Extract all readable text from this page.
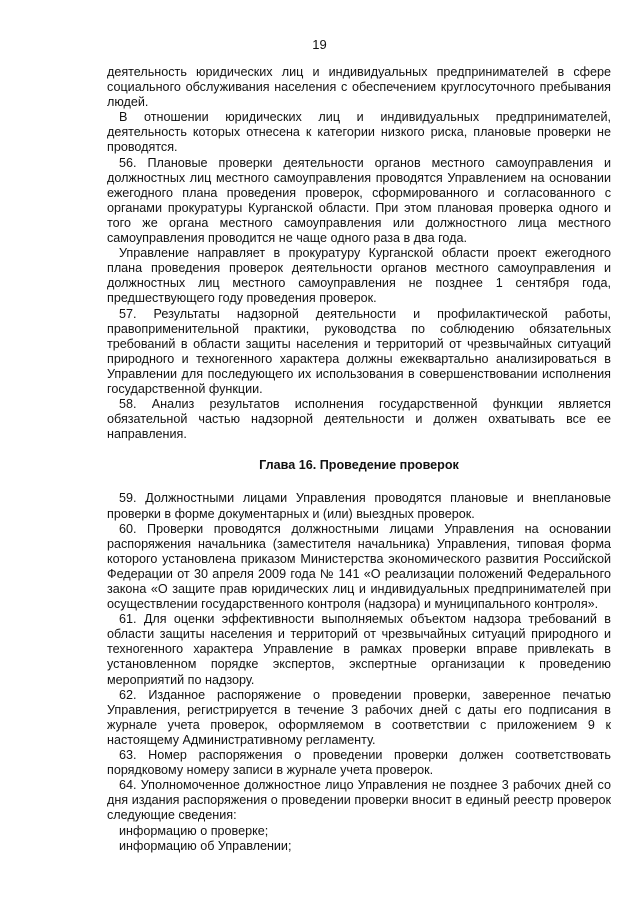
19

деятельность юридических лиц и индивидуальных предпринимателей в сфере социального обслуживания населения с обеспечением круглосуточного пребывания людей.

В отношении юридических лиц и индивидуальных предпринимателей, деятельность которых отнесена к категории низкого риска, плановые проверки не проводятся.

56. Плановые проверки деятельности органов местного самоуправления и должностных лиц местного самоуправления проводятся Управлением на основании ежегодного плана проведения проверок, сформированного и согласованного с органами прокуратуры Курганской области. При этом плановая проверка одного и того же органа местного самоуправления или должностного лица местного самоуправления проводится не чаще одного раза в два года.

Управление направляет в прокуратуру Курганской области проект ежегодного плана проведения проверок деятельности органов местного самоуправления и должностных лиц местного самоуправления не позднее 1 сентября года, предшествующего году проведения проверок.

57. Результаты надзорной деятельности и профилактической работы, правоприменительной практики, руководства по соблюдению обязательных требований в области защиты населения и территорий от чрезвычайных ситуаций природного и техногенного характера должны ежеквартально анализироваться в Управлении для последующего их использования в совершенствовании исполнения государственной функции.

58. Анализ результатов исполнения государственной функции является обязательной частью надзорной деятельности и должен охватывать все ее направления.

Глава 16. Проведение проверок

59. Должностными лицами Управления проводятся плановые и внеплановые проверки в форме документарных и (или) выездных проверок.

60. Проверки проводятся должностными лицами Управления на основании распоряжения начальника (заместителя начальника) Управления, типовая форма которого установлена приказом Министерства экономического развития Российской Федерации от 30 апреля 2009 года № 141 «О реализации положений Федерального закона «О защите прав юридических лиц и индивидуальных предпринимателей при осуществлении государственного контроля (надзора) и муниципального контроля».

61. Для оценки эффективности выполняемых объектом надзора требований в области защиты населения и территорий от чрезвычайных ситуаций природного и техногенного характера Управление в рамках проверки вправе привлекать в установленном порядке экспертов, экспертные организации к проведению мероприятий по надзору.

62. Изданное распоряжение о проведении проверки, заверенное печатью Управления, регистрируется в течение 3 рабочих дней с даты его подписания в журнале учета проверок, оформляемом в соответствии с приложением 9 к настоящему Административному регламенту.

63. Номер распоряжения о проведении проверки должен соответствовать порядковому номеру записи в журнале учета проверок.

64. Уполномоченное должностное лицо Управления не позднее 3 рабочих дней со дня издания распоряжения о проведении проверки вносит в единый реестр проверок следующие сведения:

информацию о проверке;

информацию об Управлении;
